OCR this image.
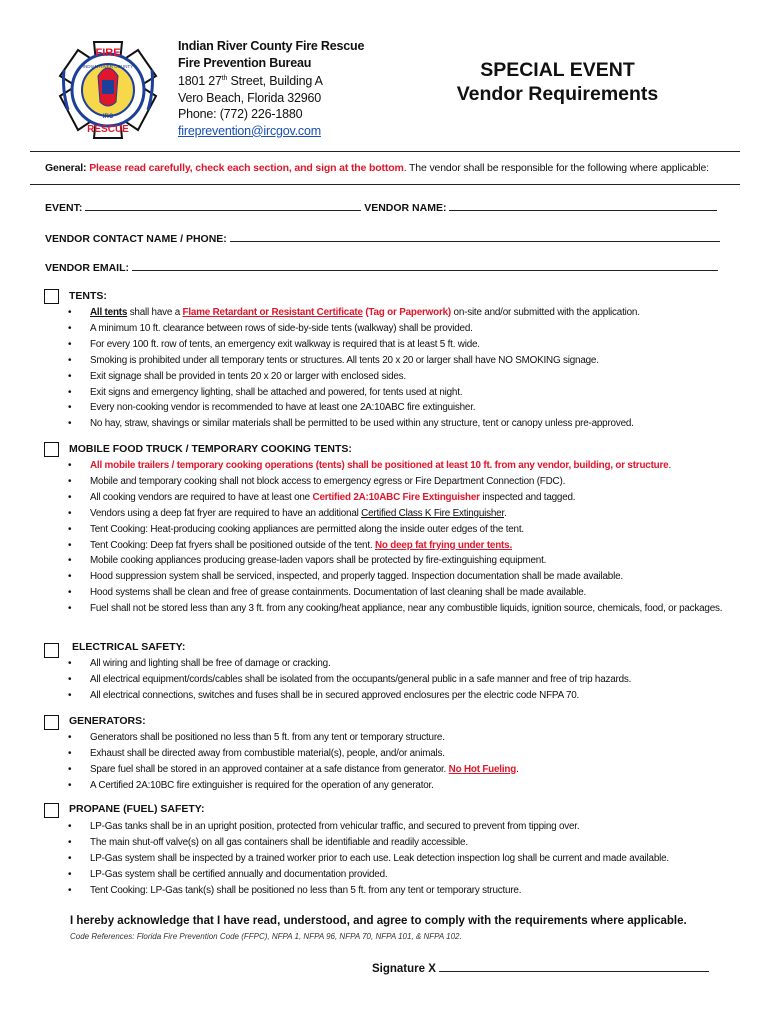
FIRE
RESCUE
INDIAN RIVER COUNTY
IRC
Indian River County Fire Rescue
Fire Prevention Bureau
1801 27th Street, Building A
Vero Beach, Florida 32960
Phone: (772) 226-1880
fireprevention@ircgov.com
SPECIAL EVENT
Vendor Requirements
General: Please read carefully, check each section, and sign at the bottom. The vendor shall be responsible for the following where applicable:
EVENT:	VENDOR NAME:
VENDOR CONTACT NAME / PHONE:
VENDOR EMAIL:
TENTS:
• All tents shall have a Flame Retardant or Resistant Certificate (Tag or Paperwork) on-site and/or submitted with the application.
• A minimum 10 ft. clearance between rows of side-by-side tents (walkway) shall be provided.
• For every 100 ft. row of tents, an emergency exit walkway is required that is at least 5 ft. wide.
• Smoking is prohibited under all temporary tents or structures. All tents 20 x 20 or larger shall have NO SMOKING signage.
• Exit signage shall be provided in tents 20 x 20 or larger with enclosed sides.
• Exit signs and emergency lighting, shall be attached and powered, for tents used at night.
• Every non-cooking vendor is recommended to have at least one 2A:10ABC fire extinguisher.
• No hay, straw, shavings or similar materials shall be permitted to be used within any structure, tent or canopy unless pre-approved.
MOBILE FOOD TRUCK / TEMPORARY COOKING TENTS:
• All mobile trailers / temporary cooking operations (tents) shall be positioned at least 10 ft. from any vendor, building, or structure.
• Mobile and temporary cooking shall not block access to emergency egress or Fire Department Connection (FDC).
• All cooking vendors are required to have at least one Certified 2A:10ABC Fire Extinguisher inspected and tagged.
• Vendors using a deep fat fryer are required to have an additional Certified Class K Fire Extinguisher.
• Tent Cooking: Heat-producing cooking appliances are permitted along the inside outer edges of the tent.
• Tent Cooking: Deep fat fryers shall be positioned outside of the tent. No deep fat frying under tents.
• Mobile cooking appliances producing grease-laden vapors shall be protected by fire-extinguishing equipment.
• Hood suppression system shall be serviced, inspected, and properly tagged. Inspection documentation shall be made available.
• Hood systems shall be clean and free of grease containments. Documentation of last cleaning shall be made available.
• Fuel shall not be stored less than any 3 ft. from any cooking/heat appliance, near any combustible liquids, ignition source, chemicals, food, or packages.
ELECTRICAL SAFETY:
• All wiring and lighting shall be free of damage or cracking.
• All electrical equipment/cords/cables shall be isolated from the occupants/general public in a safe manner and free of trip hazards.
• All electrical connections, switches and fuses shall be in secured approved enclosures per the electric code NFPA 70.
GENERATORS:
• Generators shall be positioned no less than 5 ft. from any tent or temporary structure.
• Exhaust shall be directed away from combustible material(s), people, and/or animals.
• Spare fuel shall be stored in an approved container at a safe distance from generator. No Hot Fueling.
• A Certified 2A:10BC fire extinguisher is required for the operation of any generator.
PROPANE (FUEL) SAFETY:
• LP-Gas tanks shall be in an upright position, protected from vehicular traffic, and secured to prevent from tipping over.
• The main shut-off valve(s) on all gas containers shall be identifiable and readily accessible.
• LP-Gas system shall be inspected by a trained worker prior to each use. Leak detection inspection log shall be current and made available.
• LP-Gas system shall be certified annually and documentation provided.
• Tent Cooking: LP-Gas tank(s) shall be positioned no less than 5 ft. from any tent or temporary structure.
I hereby acknowledge that I have read, understood, and agree to comply with the requirements where applicable.
Code References: Florida Fire Prevention Code (FFPC), NFPA 1, NFPA 96, NFPA 70, NFPA 101, & NFPA 102.
Signature X
